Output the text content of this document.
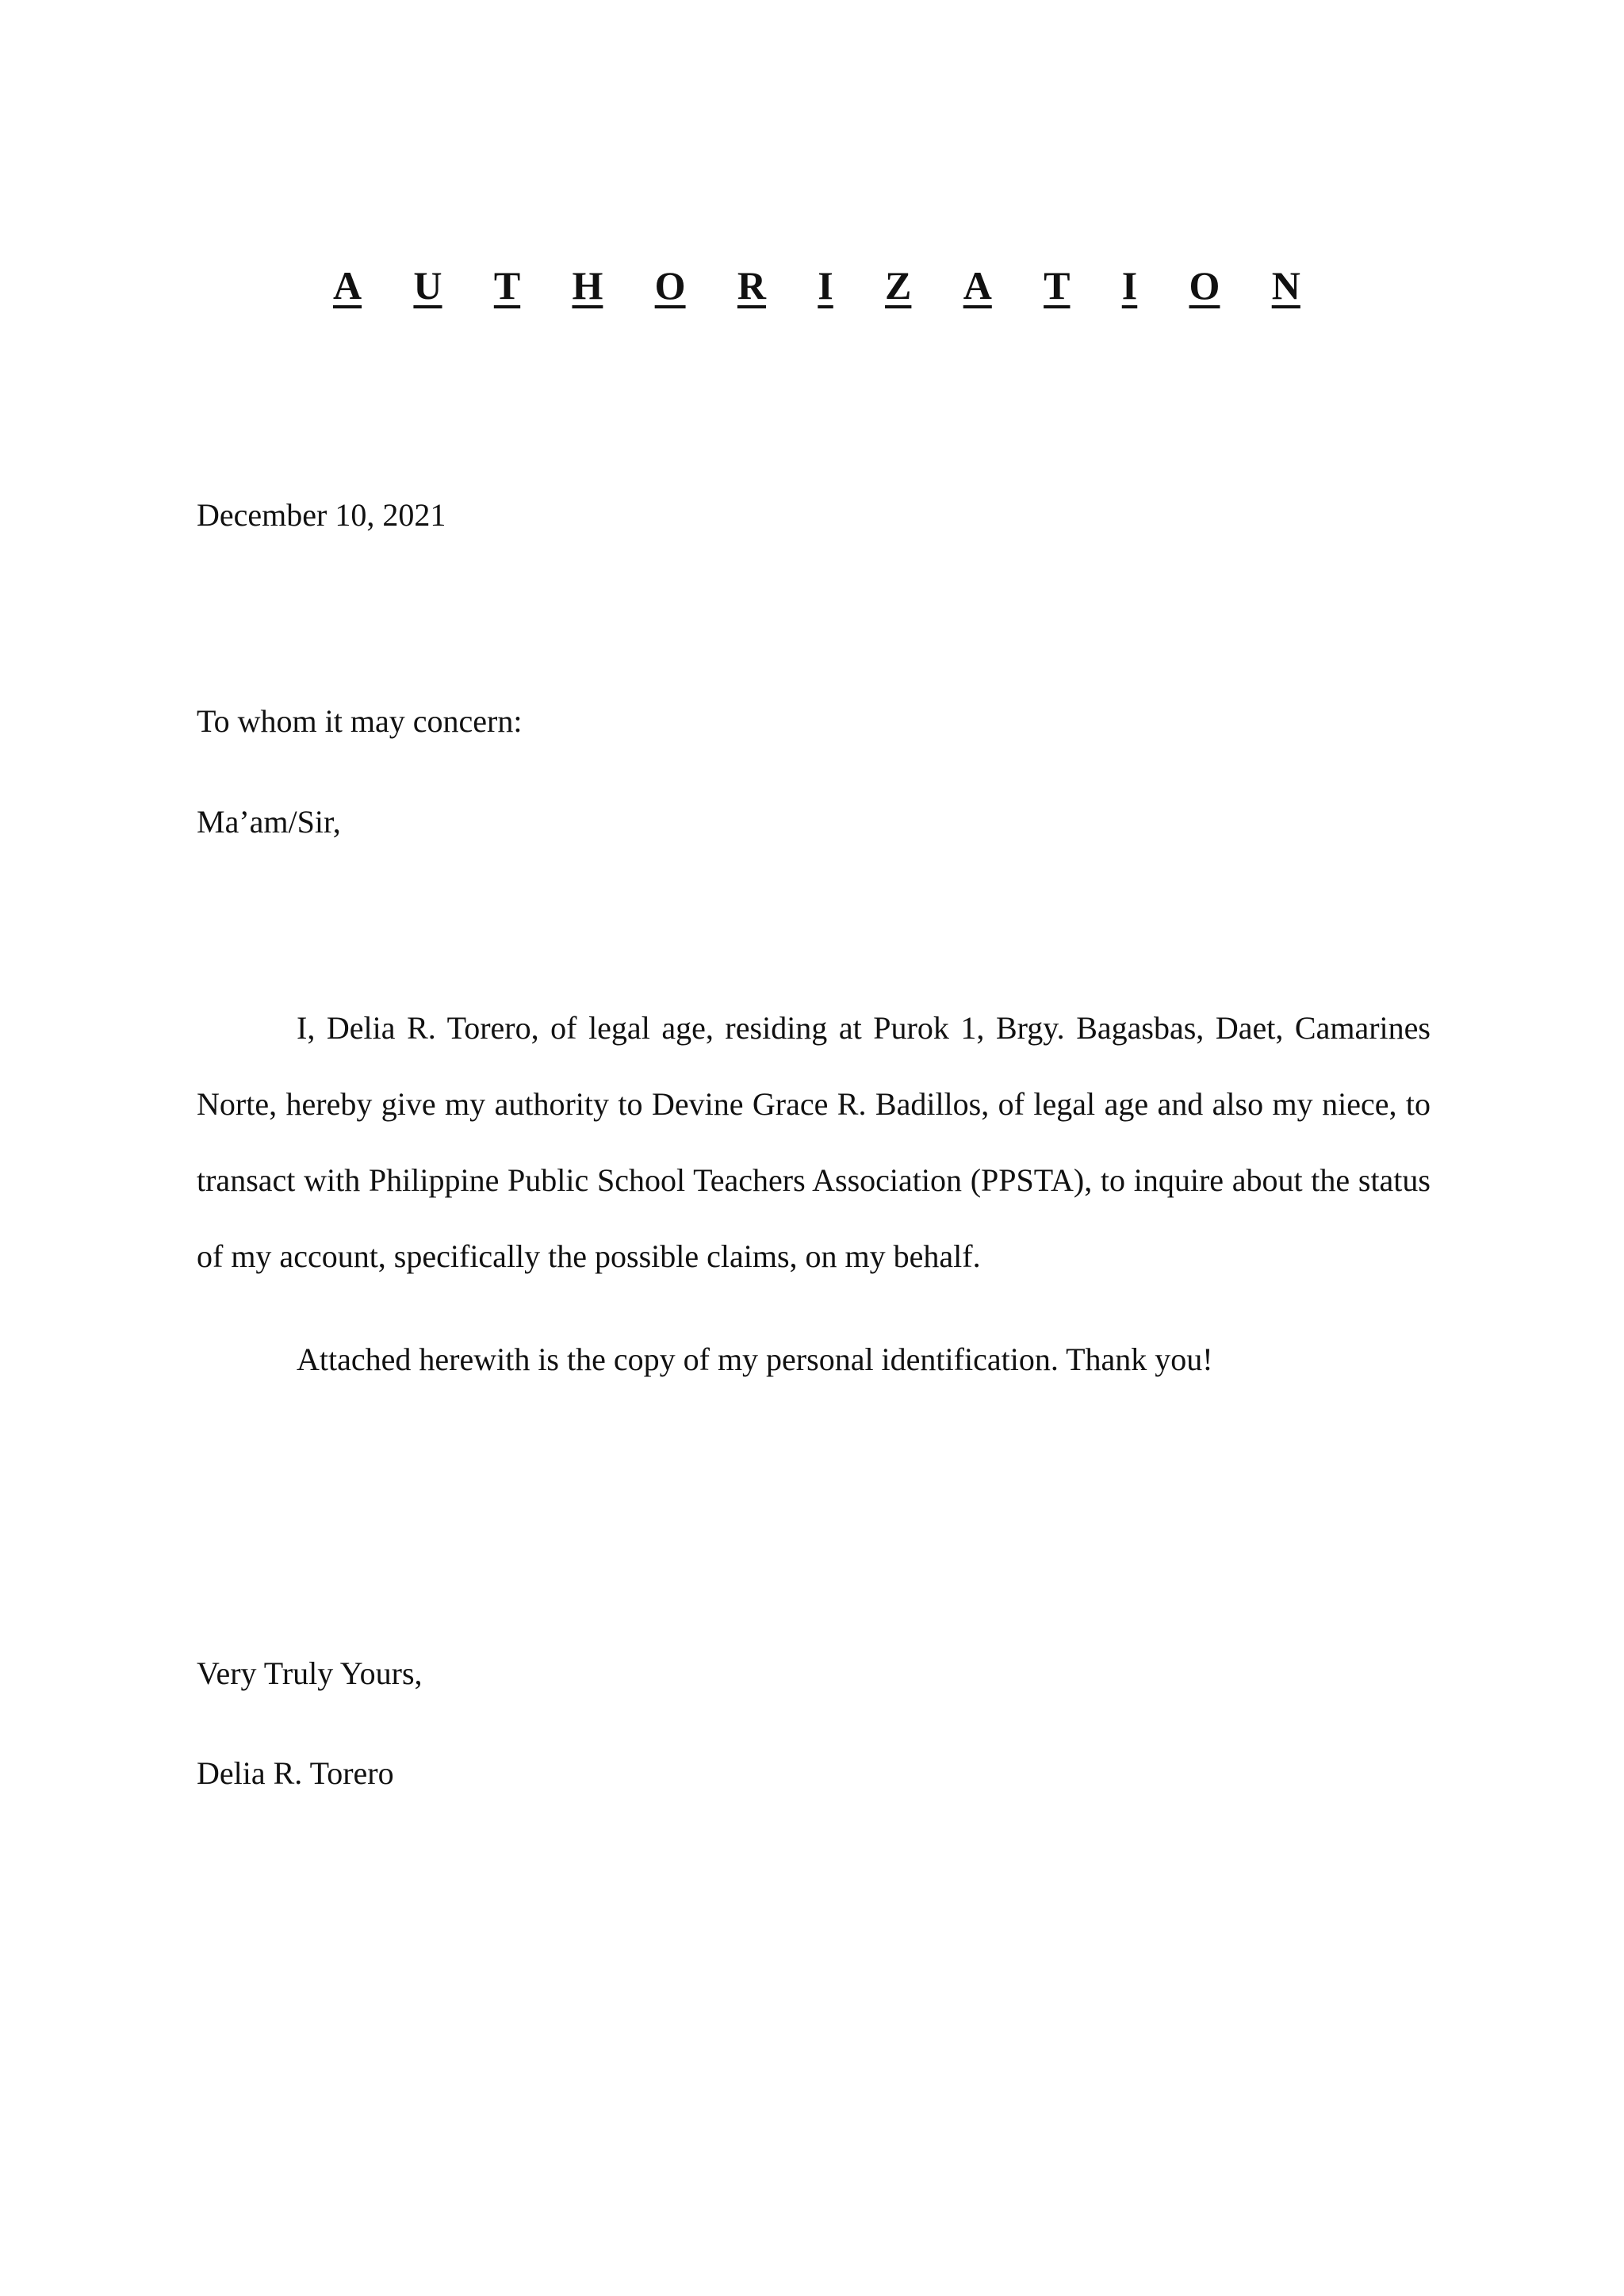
A U T H O R I Z A T I O N

December 10, 2021

To whom it may concern:

Ma’am/Sir,

I, Delia R. Torero, of legal age, residing at Purok 1, Brgy. Bagasbas, Daet, Camarines Norte, hereby give my authority to Devine Grace R. Badillos, of legal age and also my niece, to transact with Philippine Public School Teachers Association (PPSTA), to inquire about the status of my account, specifically the possible claims, on my behalf.

Attached herewith is the copy of my personal identification. Thank you!

Very Truly Yours,

Delia R. Torero
